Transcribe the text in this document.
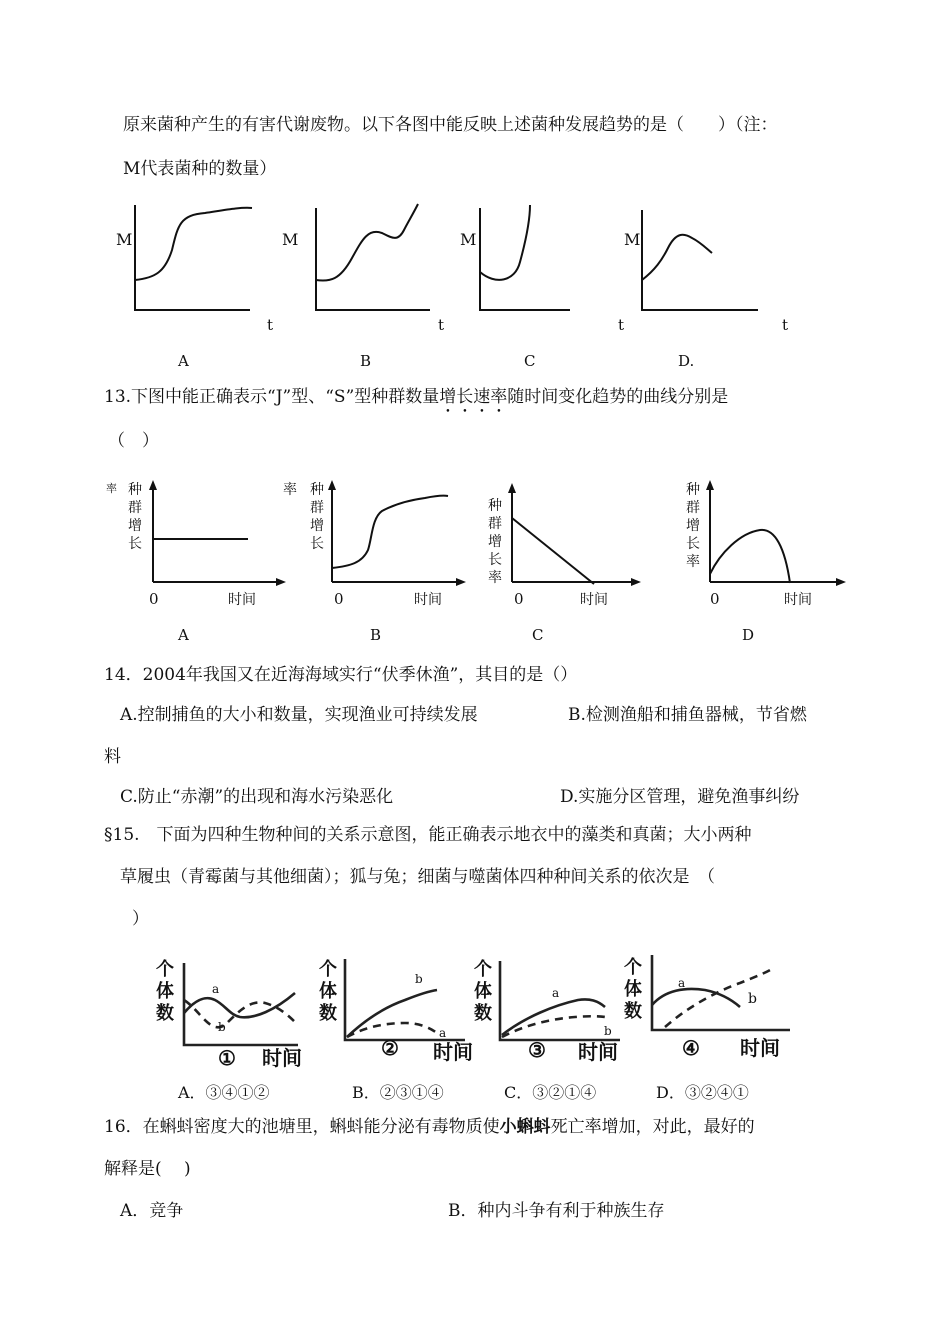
原来菌种产生的有害代谢废物。以下各图中能反映上述菌种发展趋势的是（　　）（注：
M代表菌种的数量）
M
t
M
t
M
t
M
t
A	B	C	D.
13.下图中能正确表示“J”型、“S”型种群数量增长速率随时间变化趋势的曲线分别是
（　）
率 种
群
增
长
0	时间
率 种
群
增
长
0	时间
种
群
增
长
率
0	时间
种
群
增
长
率
0	时间
A	B	C	D
14．2004年我国又在近海海域实行“伏季休渔”，其目的是（）
A.控制捕鱼的大小和数量，实现渔业可持续发展	B.检测渔船和捕鱼器械，节省燃
料
C.防止“赤潮”的出现和海水污染恶化	D.实施分区管理，避免渔事纠纷
§15.　下面为四种生物种间的关系示意图，能正确表示地衣中的藻类和真菌；大小两种
草履虫（青霉菌与其他细菌）；狐与兔；细菌与噬菌体四种种间关系的依次是　（
）
个
体
数
a
b
① 时间
个
体
数
b
a
② 时间
个
体
数
a
b
③ 时间
个
体
数
a
b
④ 时间
A．③④①②	B．②③①④	C．③②①④	D．③②④①
16．在蝌蚪密度大的池塘里，蝌蚪能分泌有毒物质使小蝌蚪死亡率增加，对此，最好的
解释是(　 )
A．竞争	B．种内斗争有利于种族生存
